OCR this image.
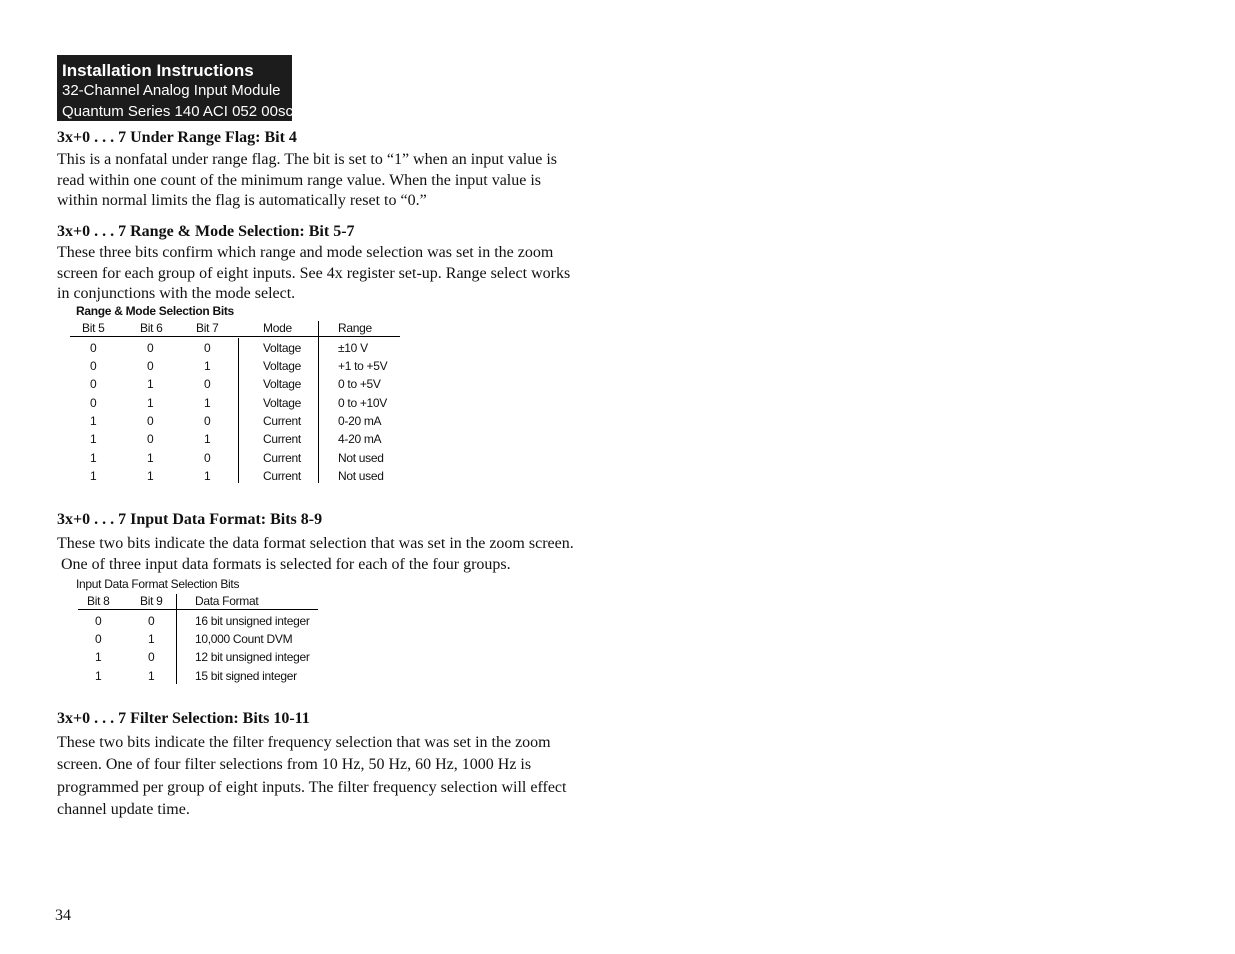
Installation Instructions
32-Channel Analog Input Module
Quantum Series 140 ACI 052 00sc
3x+0 . . . 7 Under Range Flag: Bit 4
This is a nonfatal under range flag. The bit is set to “1” when an input value is read within one count of the minimum range value. When the input value is within normal limits the flag is automatically reset to “0.”
3x+0 . . . 7 Range & Mode Selection: Bit 5-7
These three bits confirm which range and mode selection was set in the zoom screen for each group of eight inputs. See 4x register set-up. Range select works in conjunctions with the mode select.
Range & Mode Selection Bits
Bit 5	Bit 6	Bit 7	Mode	Range
0	0	0	Voltage	±10 V
0	0	1	Voltage	+1 to +5V
0	1	0	Voltage	0 to +5V
0	1	1	Voltage	0 to +10V
1	0	0	Current	0-20 mA
1	0	1	Current	4-20 mA
1	1	0	Current	Not used
1	1	1	Current	Not used
3x+0 . . . 7 Input Data Format: Bits 8-9
These two bits indicate the data format selection that was set in the zoom screen.
One of three input data formats is selected for each of the four groups.
Input Data Format Selection Bits
Bit 8	Bit 9	Data Format
0	0	16 bit unsigned integer
0	1	10,000 Count DVM
1	0	12 bit unsigned integer
1	1	15 bit signed integer
3x+0 . . . 7 Filter Selection: Bits 10-11
These two bits indicate the filter frequency selection that was set in the zoom screen. One of four filter selections from 10 Hz, 50 Hz, 60 Hz, 1000 Hz is programmed per group of eight inputs. The filter frequency selection will effect channel update time.
34
